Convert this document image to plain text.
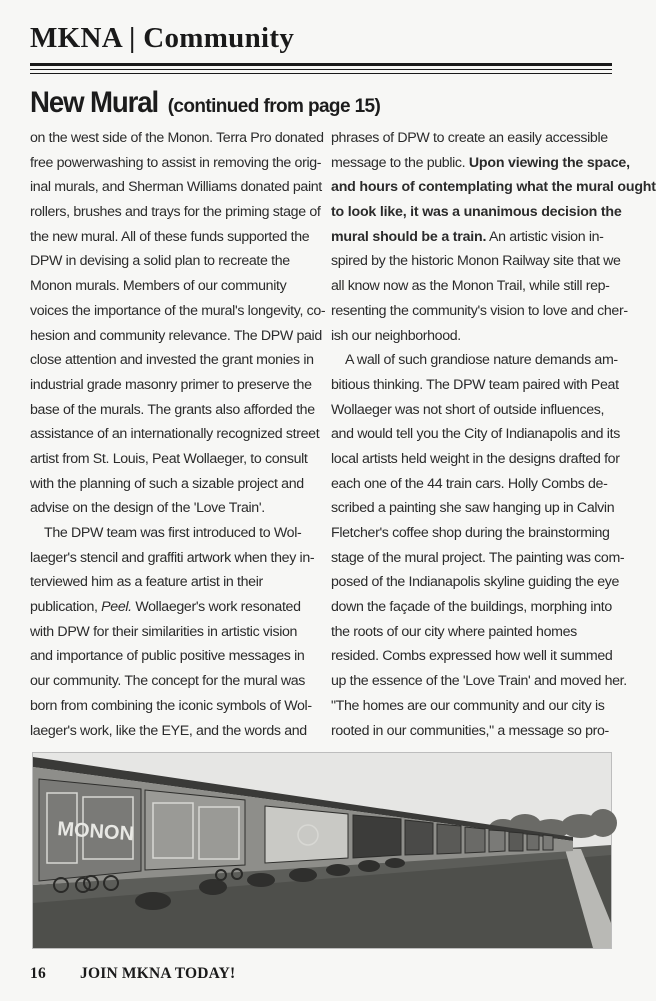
MKNA | Community
New Mural (continued from page 15)
on the west side of the Monon. Terra Pro donated
free powerwashing to assist in removing the orig-
inal murals, and Sherman Williams donated paint
rollers, brushes and trays for the priming stage of
the new mural. All of these funds supported the
DPW in devising a solid plan to recreate the
Monon murals. Members of our community
voices the importance of the mural's longevity, co-
hesion and community relevance. The DPW paid
close attention and invested the grant monies in
industrial grade masonry primer to preserve the
base of the murals. The grants also afforded the
assistance of an internationally recognized street
artist from St. Louis, Peat Wollaeger, to consult
with the planning of such a sizable project and
advise on the design of the 'Love Train'.
The DPW team was first introduced to Wol-
laeger's stencil and graffiti artwork when they in-
terviewed him as a feature artist in their
publication, Peel. Wollaeger's work resonated
with DPW for their similarities in artistic vision
and importance of public positive messages in
our community. The concept for the mural was
born from combining the iconic symbols of Wol-
laeger's work, like the EYE, and the words and
phrases of DPW to create an easily accessible
message to the public. Upon viewing the space,
and hours of contemplating what the mural ought
to look like, it was a unanimous decision the
mural should be a train. An artistic vision in-
spired by the historic Monon Railway site that we
all know now as the Monon Trail, while still rep-
resenting the community's vision to love and cher-
ish our neighborhood.
A wall of such grandiose nature demands am-
bitious thinking. The DPW team paired with Peat
Wollaeger was not short of outside influences,
and would tell you the City of Indianapolis and its
local artists held weight in the designs drafted for
each one of the 44 train cars. Holly Combs de-
scribed a painting she saw hanging up in Calvin
Fletcher's coffee shop during the brainstorming
stage of the mural project. The painting was com-
posed of the Indianapolis skyline guiding the eye
down the façade of the buildings, morphing into
the roots of our city where painted homes
resided. Combs expressed how well it summed
up the essence of the 'Love Train' and moved her.
"The homes are our community and our city is
rooted in our communities," a message so pro-
MONON
16 JOIN MKNA TODAY!
